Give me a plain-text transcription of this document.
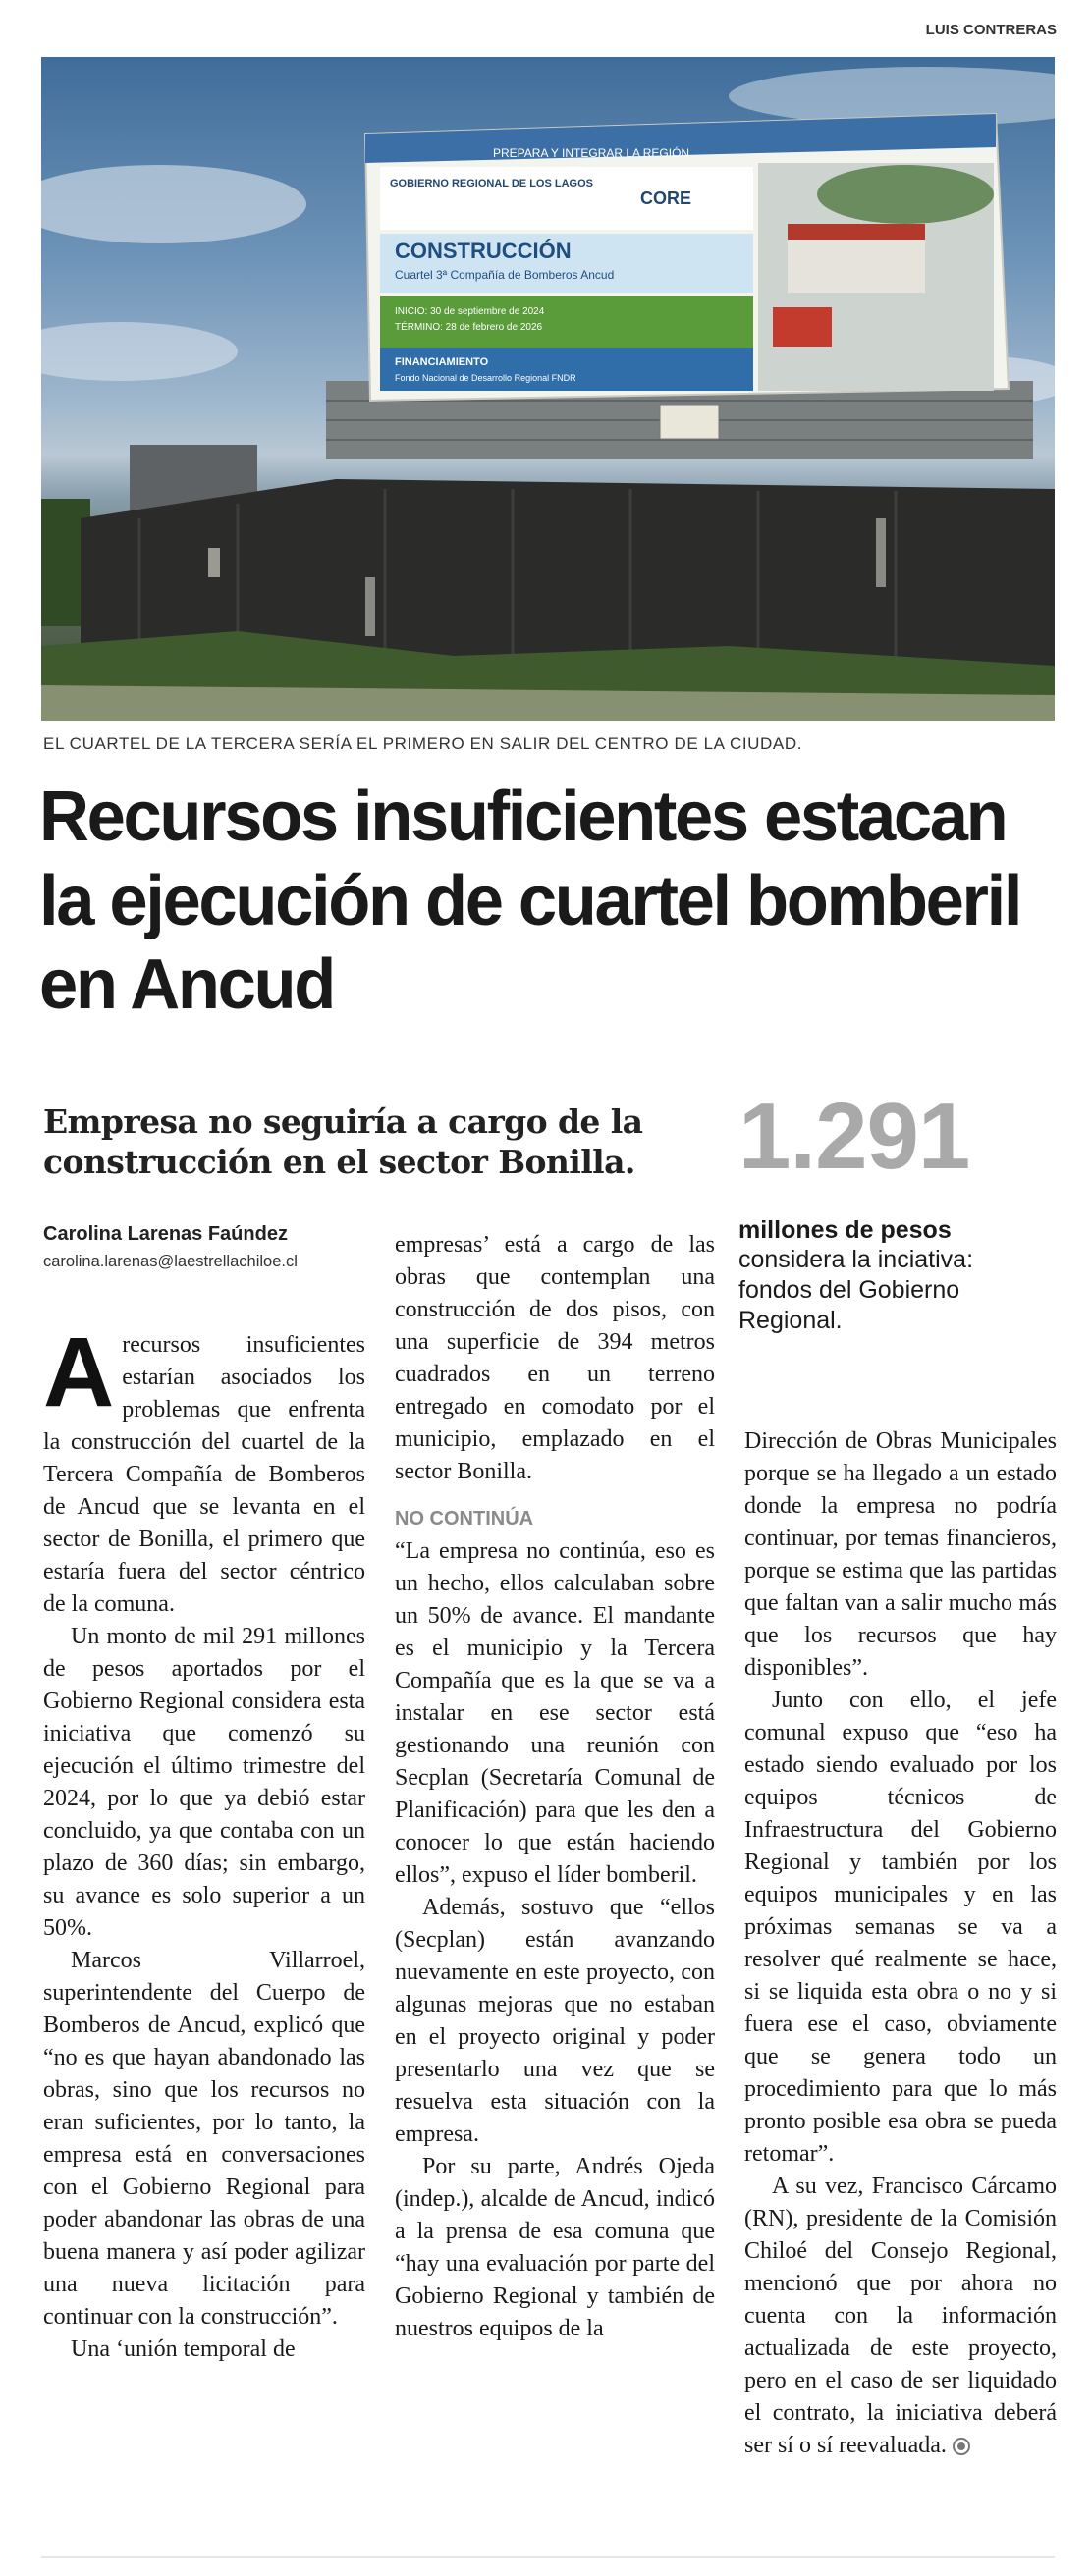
LUIS CONTRERAS
PREPARA Y INTEGRAR LA REGIÓN
GOBIERNO REGIONAL DE LOS LAGOS
CORE
CONSTRUCCIÓN
Cuartel 3ª Compañía de Bomberos Ancud
INICIO: 30 de septiembre de 2024
TÉRMINO: 28 de febrero de 2026
FINANCIAMIENTO
Fondo Nacional de Desarrollo Regional FNDR
EL CUARTEL DE LA TERCERA SERÍA EL PRIMERO EN SALIR DEL CENTRO DE LA CIUDAD.
Recursos insuficientes estacan la ejecución de cuartel bomberil en Ancud

Empresa no seguiría a cargo de la construcción en el sector Bonilla.	1.291
millones de pesos
considera la inciativa: fondos del Gobierno Regional.
Carolina Larenas Faúndez
carolina.larenas@laestrellachiloe.cl

Arecursos insuficientes estarían asociados los problemas que enfrenta la construcción del cuartel de la Tercera Compañía de Bomberos de Ancud que se levanta en el sector de Bonilla, el primero que estaría fuera del sector céntrico de la comuna.

Un monto de mil 291 millones de pesos aportados por el Gobierno Regional considera esta iniciativa que comenzó su ejecución el último trimestre del 2024, por lo que ya debió estar concluido, ya que contaba con un plazo de 360 días; sin embargo, su avance es solo superior a un 50%.

Marcos Villarroel, superintendente del Cuerpo de Bomberos de Ancud, explicó que “no es que hayan abandonado las obras, sino que los recursos no eran suficientes, por lo tanto, la empresa está en conversaciones con el Gobierno Regional para poder abandonar las obras de una buena manera y así poder agilizar una nueva licitación para continuar con la construcción”.

Una ‘unión temporal de

empresas’ está a cargo de las obras que contemplan una construcción de dos pisos, con una superficie de 394 metros cuadrados en un terreno entregado en comodato por el municipio, emplazado en el sector Bonilla.

NO CONTINÚA

“La empresa no continúa, eso es un hecho, ellos calculaban sobre un 50% de avance. El mandante es el municipio y la Tercera Compañía que es la que se va a instalar en ese sector está gestionando una reunión con Secplan (Secretaría Comunal de Planificación) para que les den a conocer lo que están haciendo ellos”, expuso el líder bomberil.

Además, sostuvo que “ellos (Secplan) están avanzando nuevamente en este proyecto, con algunas mejoras que no estaban en el proyecto original y poder presentarlo una vez que se resuelva esta situación con la empresa.

Por su parte, Andrés Ojeda (indep.), alcalde de Ancud, indicó a la prensa de esa comuna que “hay una evaluación por parte del Gobierno Regional y también de nuestros equipos de la

Dirección de Obras Municipales porque se ha llegado a un estado donde la empresa no podría continuar, por temas financieros, porque se estima que las partidas que faltan van a salir mucho más que los recursos que hay disponibles”.

Junto con ello, el jefe comunal expuso que “eso ha estado siendo evaluado por los equipos técnicos de Infraestructura del Gobierno Regional y también por los equipos municipales y en las próximas semanas se va a resolver qué realmente se hace, si se liquida esta obra o no y si fuera ese el caso, obviamente que se genera todo un procedimiento para que lo más pronto posible esa obra se pueda retomar”.

A su vez, Francisco Cárcamo (RN), presidente de la Comisión Chiloé del Consejo Regional, mencionó que por ahora no cuenta con la información actualizada de este proyecto, pero en el caso de ser liquidado el contrato, la iniciativa deberá ser sí o sí reevaluada.
